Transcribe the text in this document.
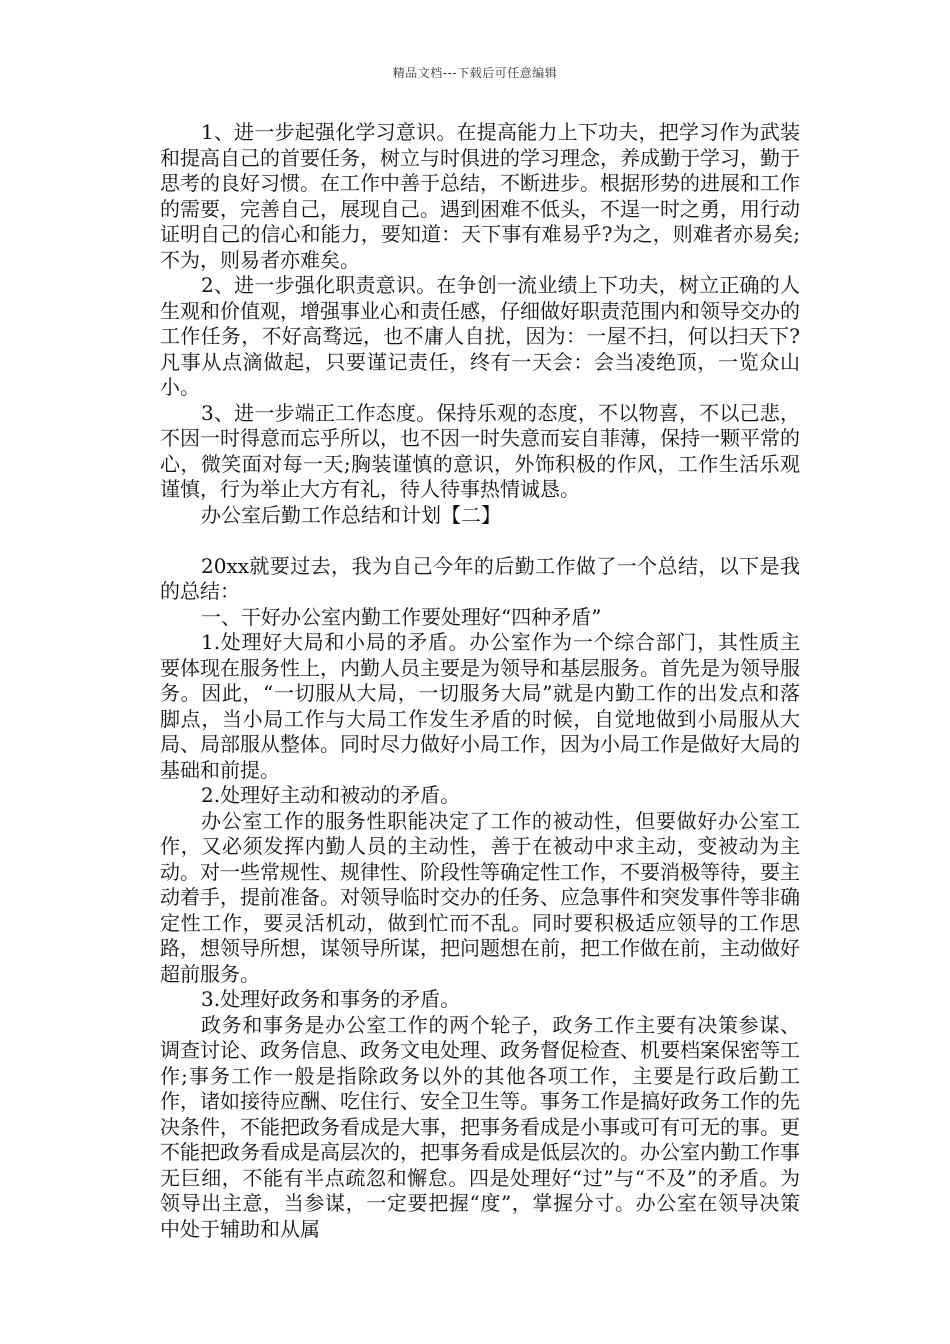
精品文档---下载后可任意编辑

1、进一步起强化学习意识。在提高能力上下功夫，把学习作为武装和提高自己的首要任务，树立与时俱进的学习理念，养成勤于学习，勤于思考的良好习惯。在工作中善于总结，不断进步。根据形势的进展和工作的需要，完善自己，展现自己。遇到困难不低头，不逞一时之勇，用行动证明自己的信心和能力，要知道：天下事有难易乎?为之，则难者亦易矣;不为，则易者亦难矣。

2、进一步强化职责意识。在争创一流业绩上下功夫，树立正确的人生观和价值观，增强事业心和责任感，仔细做好职责范围内和领导交办的工作任务，不好高骛远，也不庸人自扰，因为：一屋不扫，何以扫天下?凡事从点滴做起，只要谨记责任，终有一天会：会当凌绝顶，一览众山小。

3、进一步端正工作态度。保持乐观的态度，不以物喜，不以己悲，不因一时得意而忘乎所以，也不因一时失意而妄自菲薄，保持一颗平常的心，微笑面对每一天;胸装谨慎的意识，外饰积极的作风，工作生活乐观谨慎，行为举止大方有礼，待人待事热情诚恳。

办公室后勤工作总结和计划【二】

20xx就要过去，我为自己今年的后勤工作做了一个总结，以下是我的总结：

一、干好办公室内勤工作要处理好“四种矛盾”

1.处理好大局和小局的矛盾。办公室作为一个综合部门，其性质主要体现在服务性上，内勤人员主要是为领导和基层服务。首先是为领导服务。因此，“一切服从大局，一切服务大局”就是内勤工作的出发点和落脚点，当小局工作与大局工作发生矛盾的时候，自觉地做到小局服从大局、局部服从整体。同时尽力做好小局工作，因为小局工作是做好大局的基础和前提。

2.处理好主动和被动的矛盾。

办公室工作的服务性职能决定了工作的被动性，但要做好办公室工作，又必须发挥内勤人员的主动性，善于在被动中求主动，变被动为主动。对一些常规性、规律性、阶段性等确定性工作，不要消极等待，要主动着手，提前准备。对领导临时交办的任务、应急事件和突发事件等非确定性工作，要灵活机动，做到忙而不乱。同时要积极适应领导的工作思路，想领导所想，谋领导所谋，把问题想在前，把工作做在前，主动做好超前服务。

3.处理好政务和事务的矛盾。

政务和事务是办公室工作的两个轮子，政务工作主要有决策参谋、调查讨论、政务信息、政务文电处理、政务督促检查、机要档案保密等工作;事务工作一般是指除政务以外的其他各项工作，主要是行政后勤工作，诸如接待应酬、吃住行、安全卫生等。事务工作是搞好政务工作的先决条件，不能把政务看成是大事，把事务看成是小事或可有可无的事。更不能把政务看成是高层次的，把事务看成是低层次的。办公室内勤工作事无巨细，不能有半点疏忽和懈怠。四是处理好“过”与“不及”的矛盾。为领导出主意，当参谋，一定要把握“度”，掌握分寸。办公室在领导决策中处于辅助和从属
